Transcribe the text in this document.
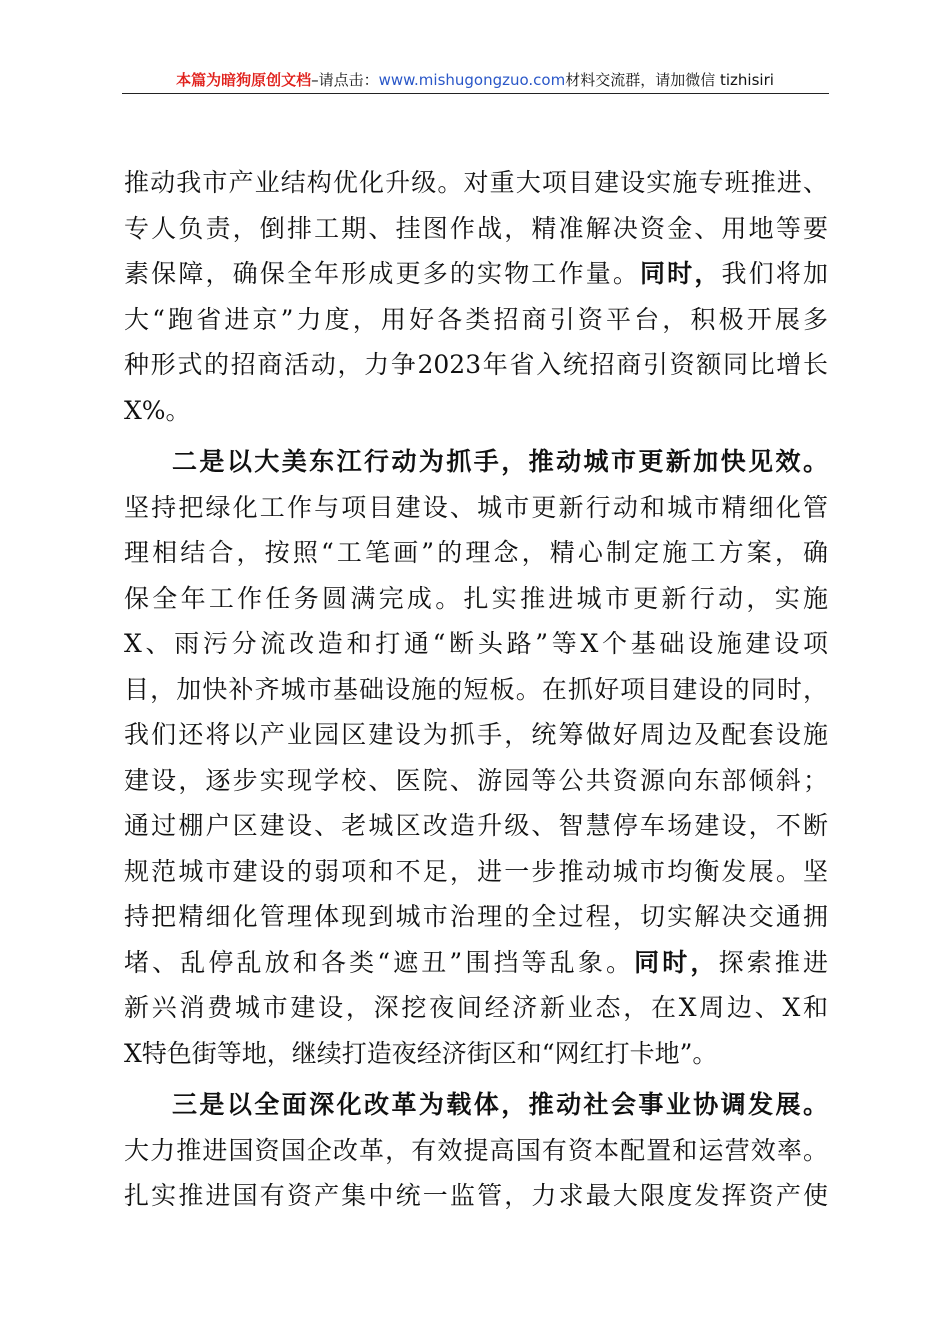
本篇为暗狗原创文档–请点击：www.mishugongzuo.com材料交流群，请加微信 tizhisiri
推动我市产业结构优化升级。对重大项目建设实施专班推进、
专人负责，倒排工期、挂图作战，精准解决资金、用地等要
素保障，确保全年形成更多的实物工作量。同时，我们将加
大“跑省进京”力度，用好各类招商引资平台，积极开展多
种形式的招商活动，力争2023年省入统招商引资额同比增长
X%。
二是以大美东江行动为抓手，推动城市更新加快见效。
坚持把绿化工作与项目建设、城市更新行动和城市精细化管
理相结合，按照“工笔画”的理念，精心制定施工方案，确
保全年工作任务圆满完成。扎实推进城市更新行动，实施
X、雨污分流改造和打通“断头路”等X个基础设施建设项
目，加快补齐城市基础设施的短板。在抓好项目建设的同时，
我们还将以产业园区建设为抓手，统筹做好周边及配套设施
建设，逐步实现学校、医院、游园等公共资源向东部倾斜；
通过棚户区建设、老城区改造升级、智慧停车场建设，不断
规范城市建设的弱项和不足，进一步推动城市均衡发展。坚
持把精细化管理体现到城市治理的全过程，切实解决交通拥
堵、乱停乱放和各类“遮丑”围挡等乱象。同时，探索推进
新兴消费城市建设，深挖夜间经济新业态，在X周边、X和
X特色街等地，继续打造夜经济街区和“网红打卡地”。
三是以全面深化改革为载体，推动社会事业协调发展。
大力推进国资国企改革，有效提高国有资本配置和运营效率。
扎实推进国有资产集中统一监管，力求最大限度发挥资产使
